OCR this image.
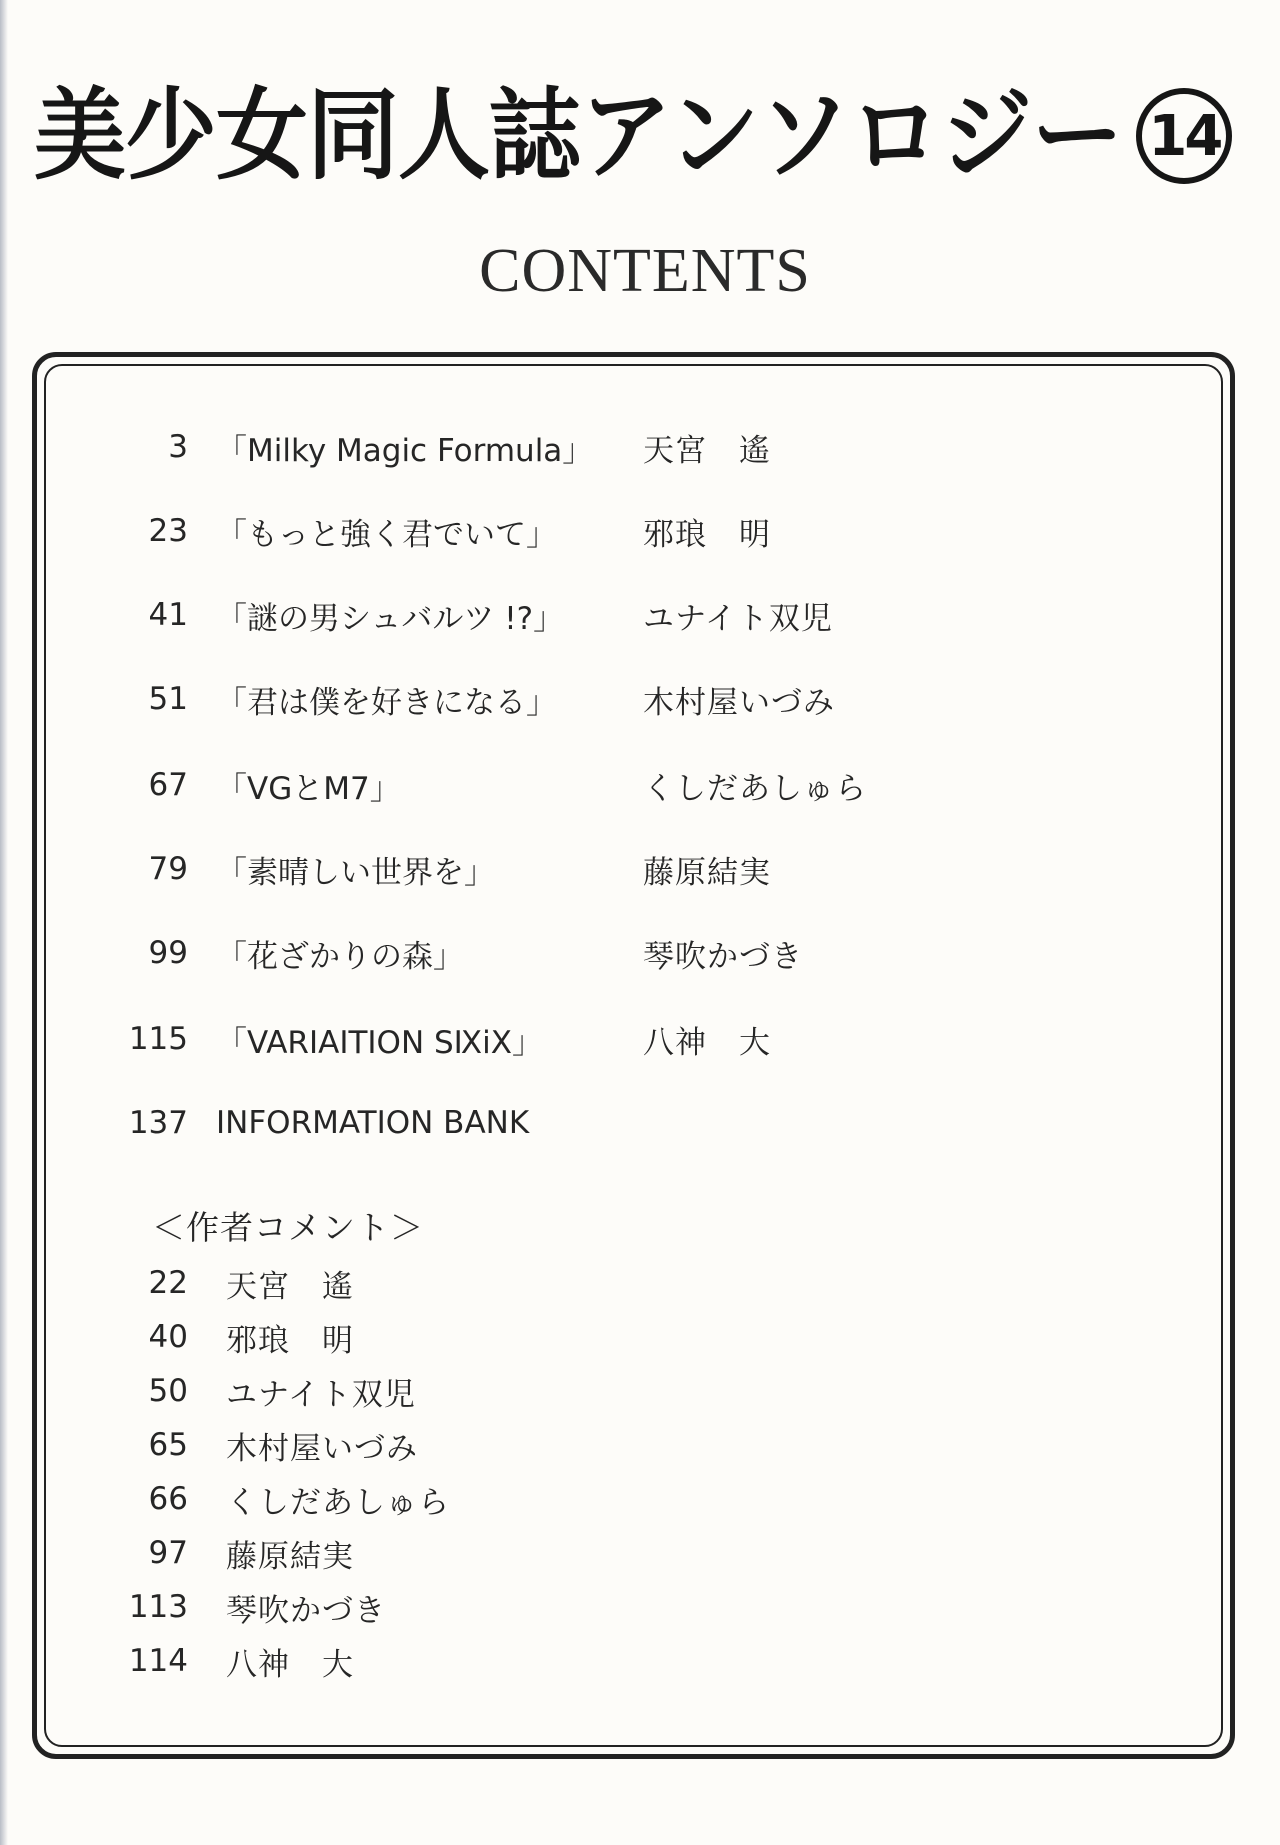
美少女同人誌アンソロジー 14
CONTENTS
3 「Milky Magic Formula」 天宮　遙
23 「もっと強く君でいて」	邪琅　明
41 「謎の男シュバルツ !?」	ユナイト双児
51 「君は僕を好きになる」	木村屋いづみ
67 「VGとM7」	くしだあしゅら
79 「素晴しい世界を」	藤原結実
99 「花ざかりの森」	琴吹かづき
115 「VARIAITION SⅨiX」	八神　大
137 INFORMATION BANK
＜作者コメント＞
22 天宮　遙
40 邪琅　明
50 ユナイト双児
65 木村屋いづみ
66 くしだあしゅら
97 藤原結実
113 琴吹かづき
114 八神　大
